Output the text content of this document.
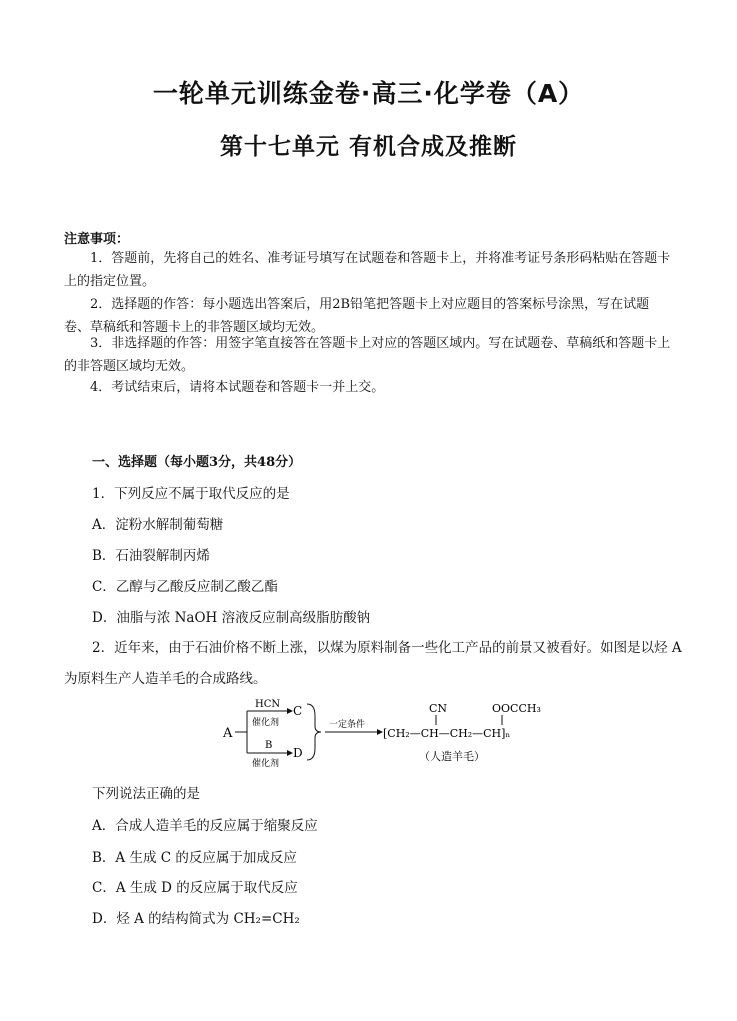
一轮单元训练金卷·高三·化学卷（A）
第十七单元 有机合成及推断
注意事项：
1．答题前，先将自己的姓名、准考证号填写在试题卷和答题卡上，并将准考证号条形码粘贴在答题卡上的指定位置。
2．选择题的作答：每小题选出答案后，用2B铅笔把答题卡上对应题目的答案标号涂黑，写在试题卷、草稿纸和答题卡上的非答题区域均无效。
3．非选择题的作答：用签字笔直接答在答题卡上对应的答题区域内。写在试题卷、草稿纸和答题卡上的非答题区域均无效。
4．考试结束后，请将本试题卷和答题卡一并上交。
一、选择题（每小题3分，共48分）
1．下列反应不属于取代反应的是
A．淀粉水解制葡萄糖
B．石油裂解制丙烯
C．乙醇与乙酸反应制乙酸乙酯
D．油脂与浓 NaOH 溶液反应制高级脂肪酸钠
2．近年来，由于石油价格不断上涨，以煤为原料制备一些化工产品的前景又被看好。如图是以烃 A 为原料生产人造羊毛的合成路线。
A
HCN
催化剂
C
B
催化剂
D
一定条件
CN	OOCCH₃
[CH₂—CH—CH₂—CH]ₙ
（人造羊毛）
下列说法正确的是
A．合成人造羊毛的反应属于缩聚反应
B．A 生成 C 的反应属于加成反应
C．A 生成 D 的反应属于取代反应
D．烃 A 的结构简式为 CH₂=CH₂
